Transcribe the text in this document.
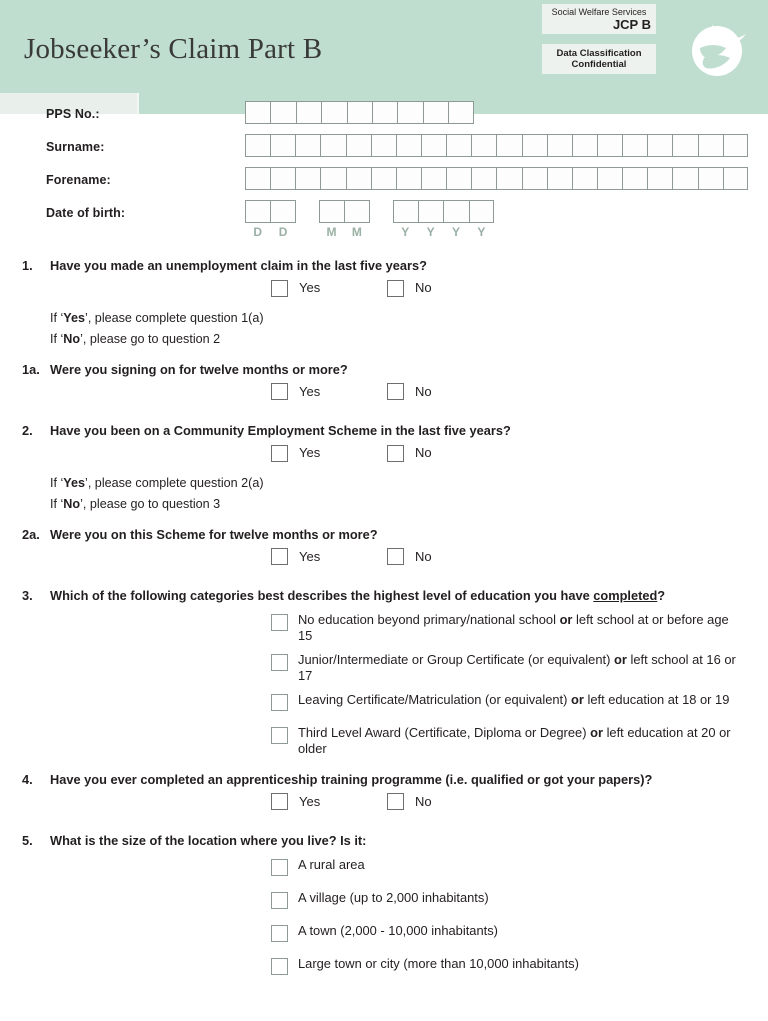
Jobseeker’s Claim Part B
Social Welfare Services
JCP B
Data Classification
Confidential
PPS No.:
Surname:
Forename:
Date of birth:
D	D	M	M	Y	Y	Y	Y
1.	Have you made an unemployment claim in the last five years?
Yes	No
If ‘Yes’, please complete question 1(a)
If ‘No’, please go to question 2
1a. Were you signing on for twelve months or more?
Yes	No
2.	Have you been on a Community Employment Scheme in the last five years?
Yes	No
If ‘Yes’, please complete question 2(a)
If ‘No’, please go to question 3
2a. Were you on this Scheme for twelve months or more?
Yes	No
3.	Which of the following categories best describes the highest level of education you have completed?
No education beyond primary/national school or left school at or before age 15
Junior/Intermediate or Group Certificate (or equivalent) or left school at 16 or 17
Leaving Certificate/Matriculation (or equivalent) or left education at 18 or 19
Third Level Award (Certificate, Diploma or Degree) or left education at 20 or older
4.	Have you ever completed an apprenticeship training programme (i.e. qualified or got your papers)?
Yes	No
5.	What is the size of the location where you live? Is it:
A rural area
A village (up to 2,000 inhabitants)
A town (2,000 - 10,000 inhabitants)
Large town or city (more than 10,000 inhabitants)
